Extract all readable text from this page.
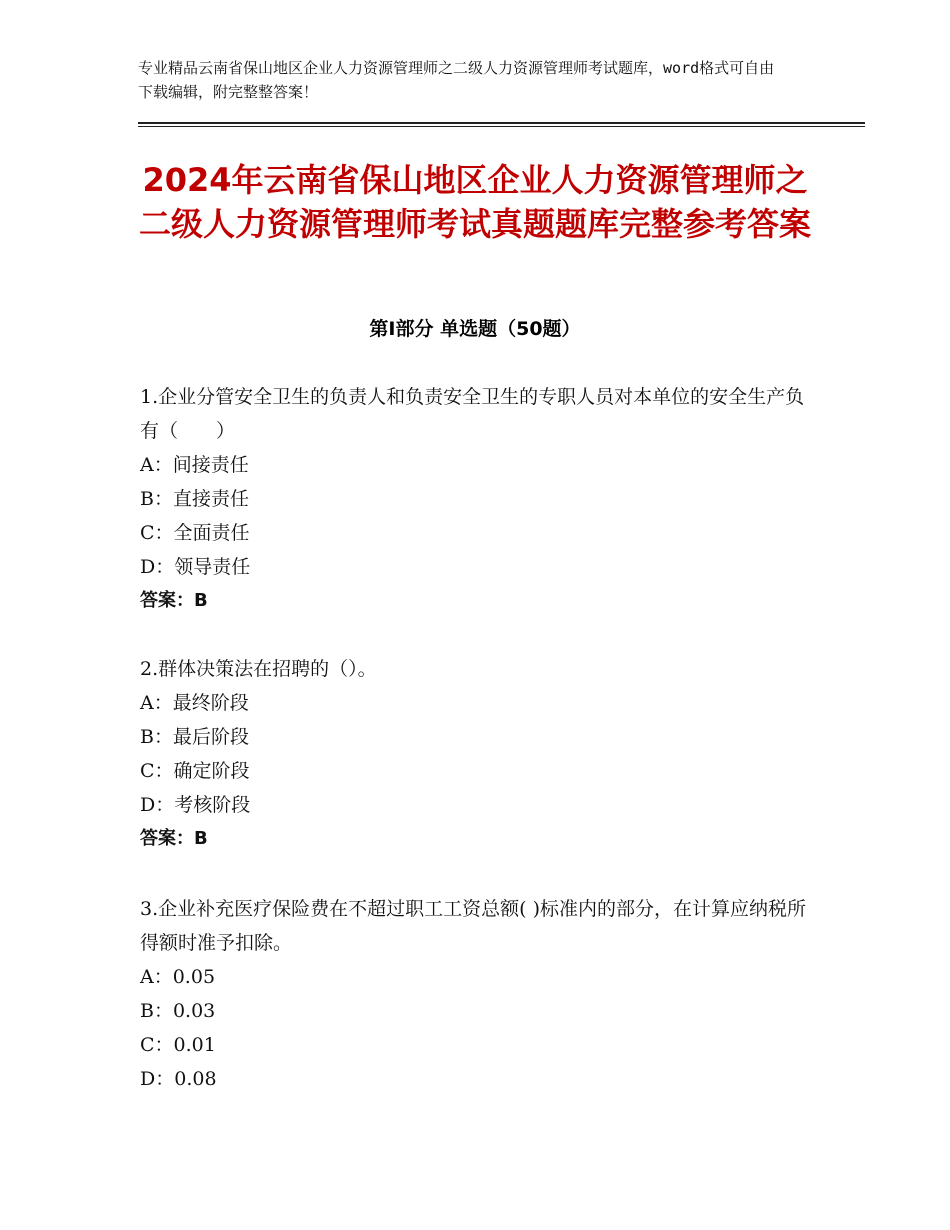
专业精品云南省保山地区企业人力资源管理师之二级人力资源管理师考试题库，word格式可自由下载编辑，附完整整答案！
2024年云南省保山地区企业人力资源管理师之二级人力资源管理师考试真题题库完整参考答案
第Ⅰ部分 单选题（50题）
1.企业分管安全卫生的负责人和负责安全卫生的专职人员对本单位的安全生产负有（　　）
A：间接责任
B：直接责任
C：全面责任
D：领导责任
答案：B
2.群体决策法在招聘的（）。
A：最终阶段
B：最后阶段
C：确定阶段
D：考核阶段
答案：B
3.企业补充医疗保险费在不超过职工工资总额( )标准内的部分，在计算应纳税所得额时准予扣除。
A：0.05
B：0.03
C：0.01
D：0.08
